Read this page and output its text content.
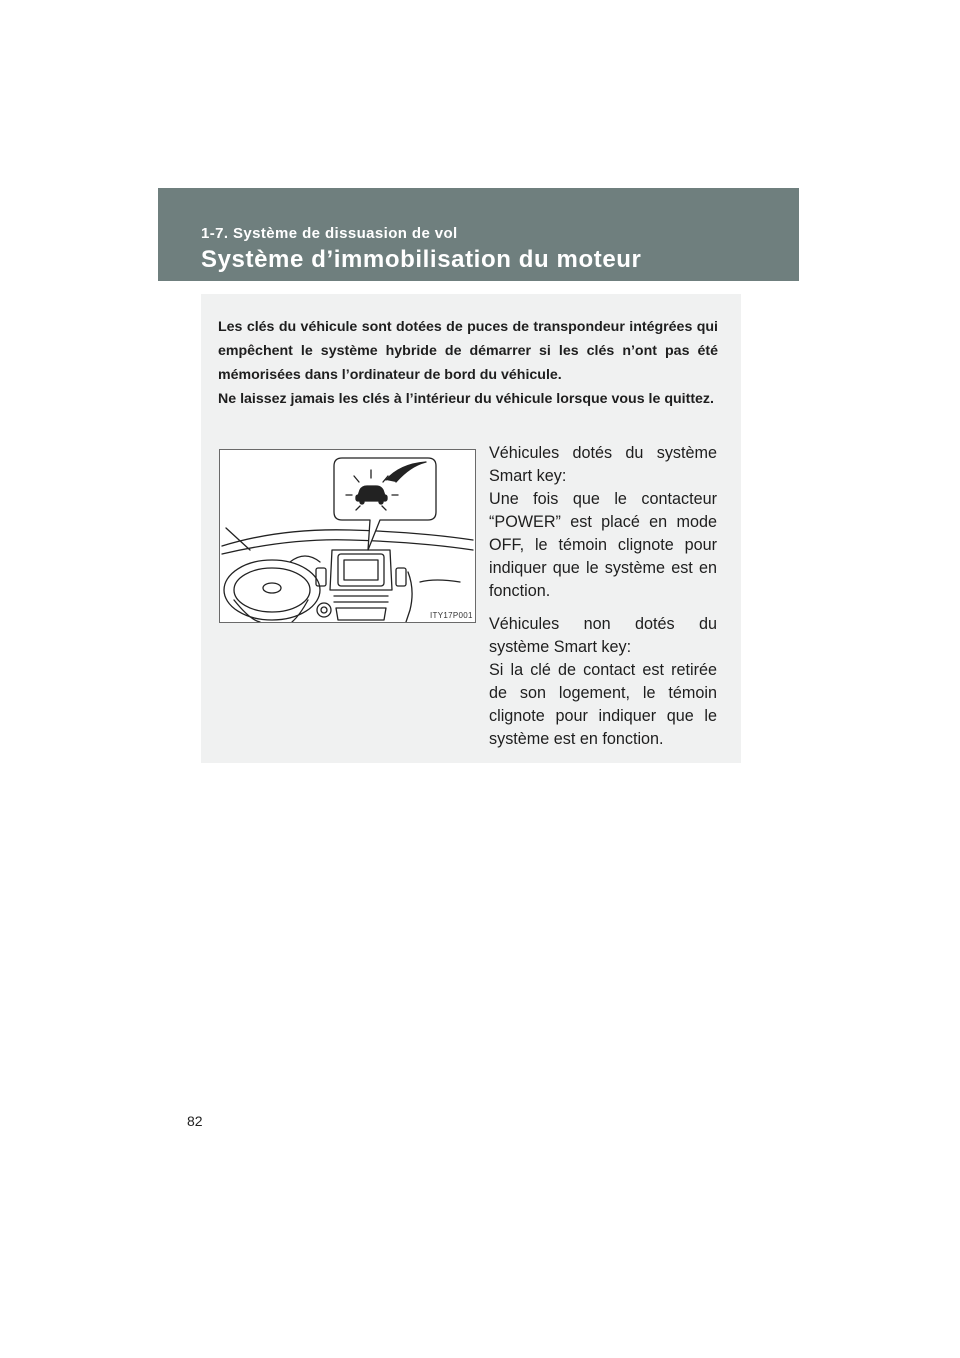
1-7. Système de dissuasion de vol
Système d’immobilisation du moteur

Les clés du véhicule sont dotées de puces de transpondeur intégrées qui empêchent le système hybride de démarrer si les clés n’ont pas été mémorisées dans l’ordinateur de bord du véhicule.

Ne laissez jamais les clés à l’intérieur du véhicule lorsque vous le quittez.

ITY17P001

Véhicules dotés du système Smart key:

Une fois que le contacteur “POWER” est placé en mode OFF, le témoin clignote pour indiquer que le système est en fonction.

Véhicules non dotés du système Smart key:

Si la clé de contact est retirée de son logement, le témoin clignote pour indiquer que le système est en fonction.

82
